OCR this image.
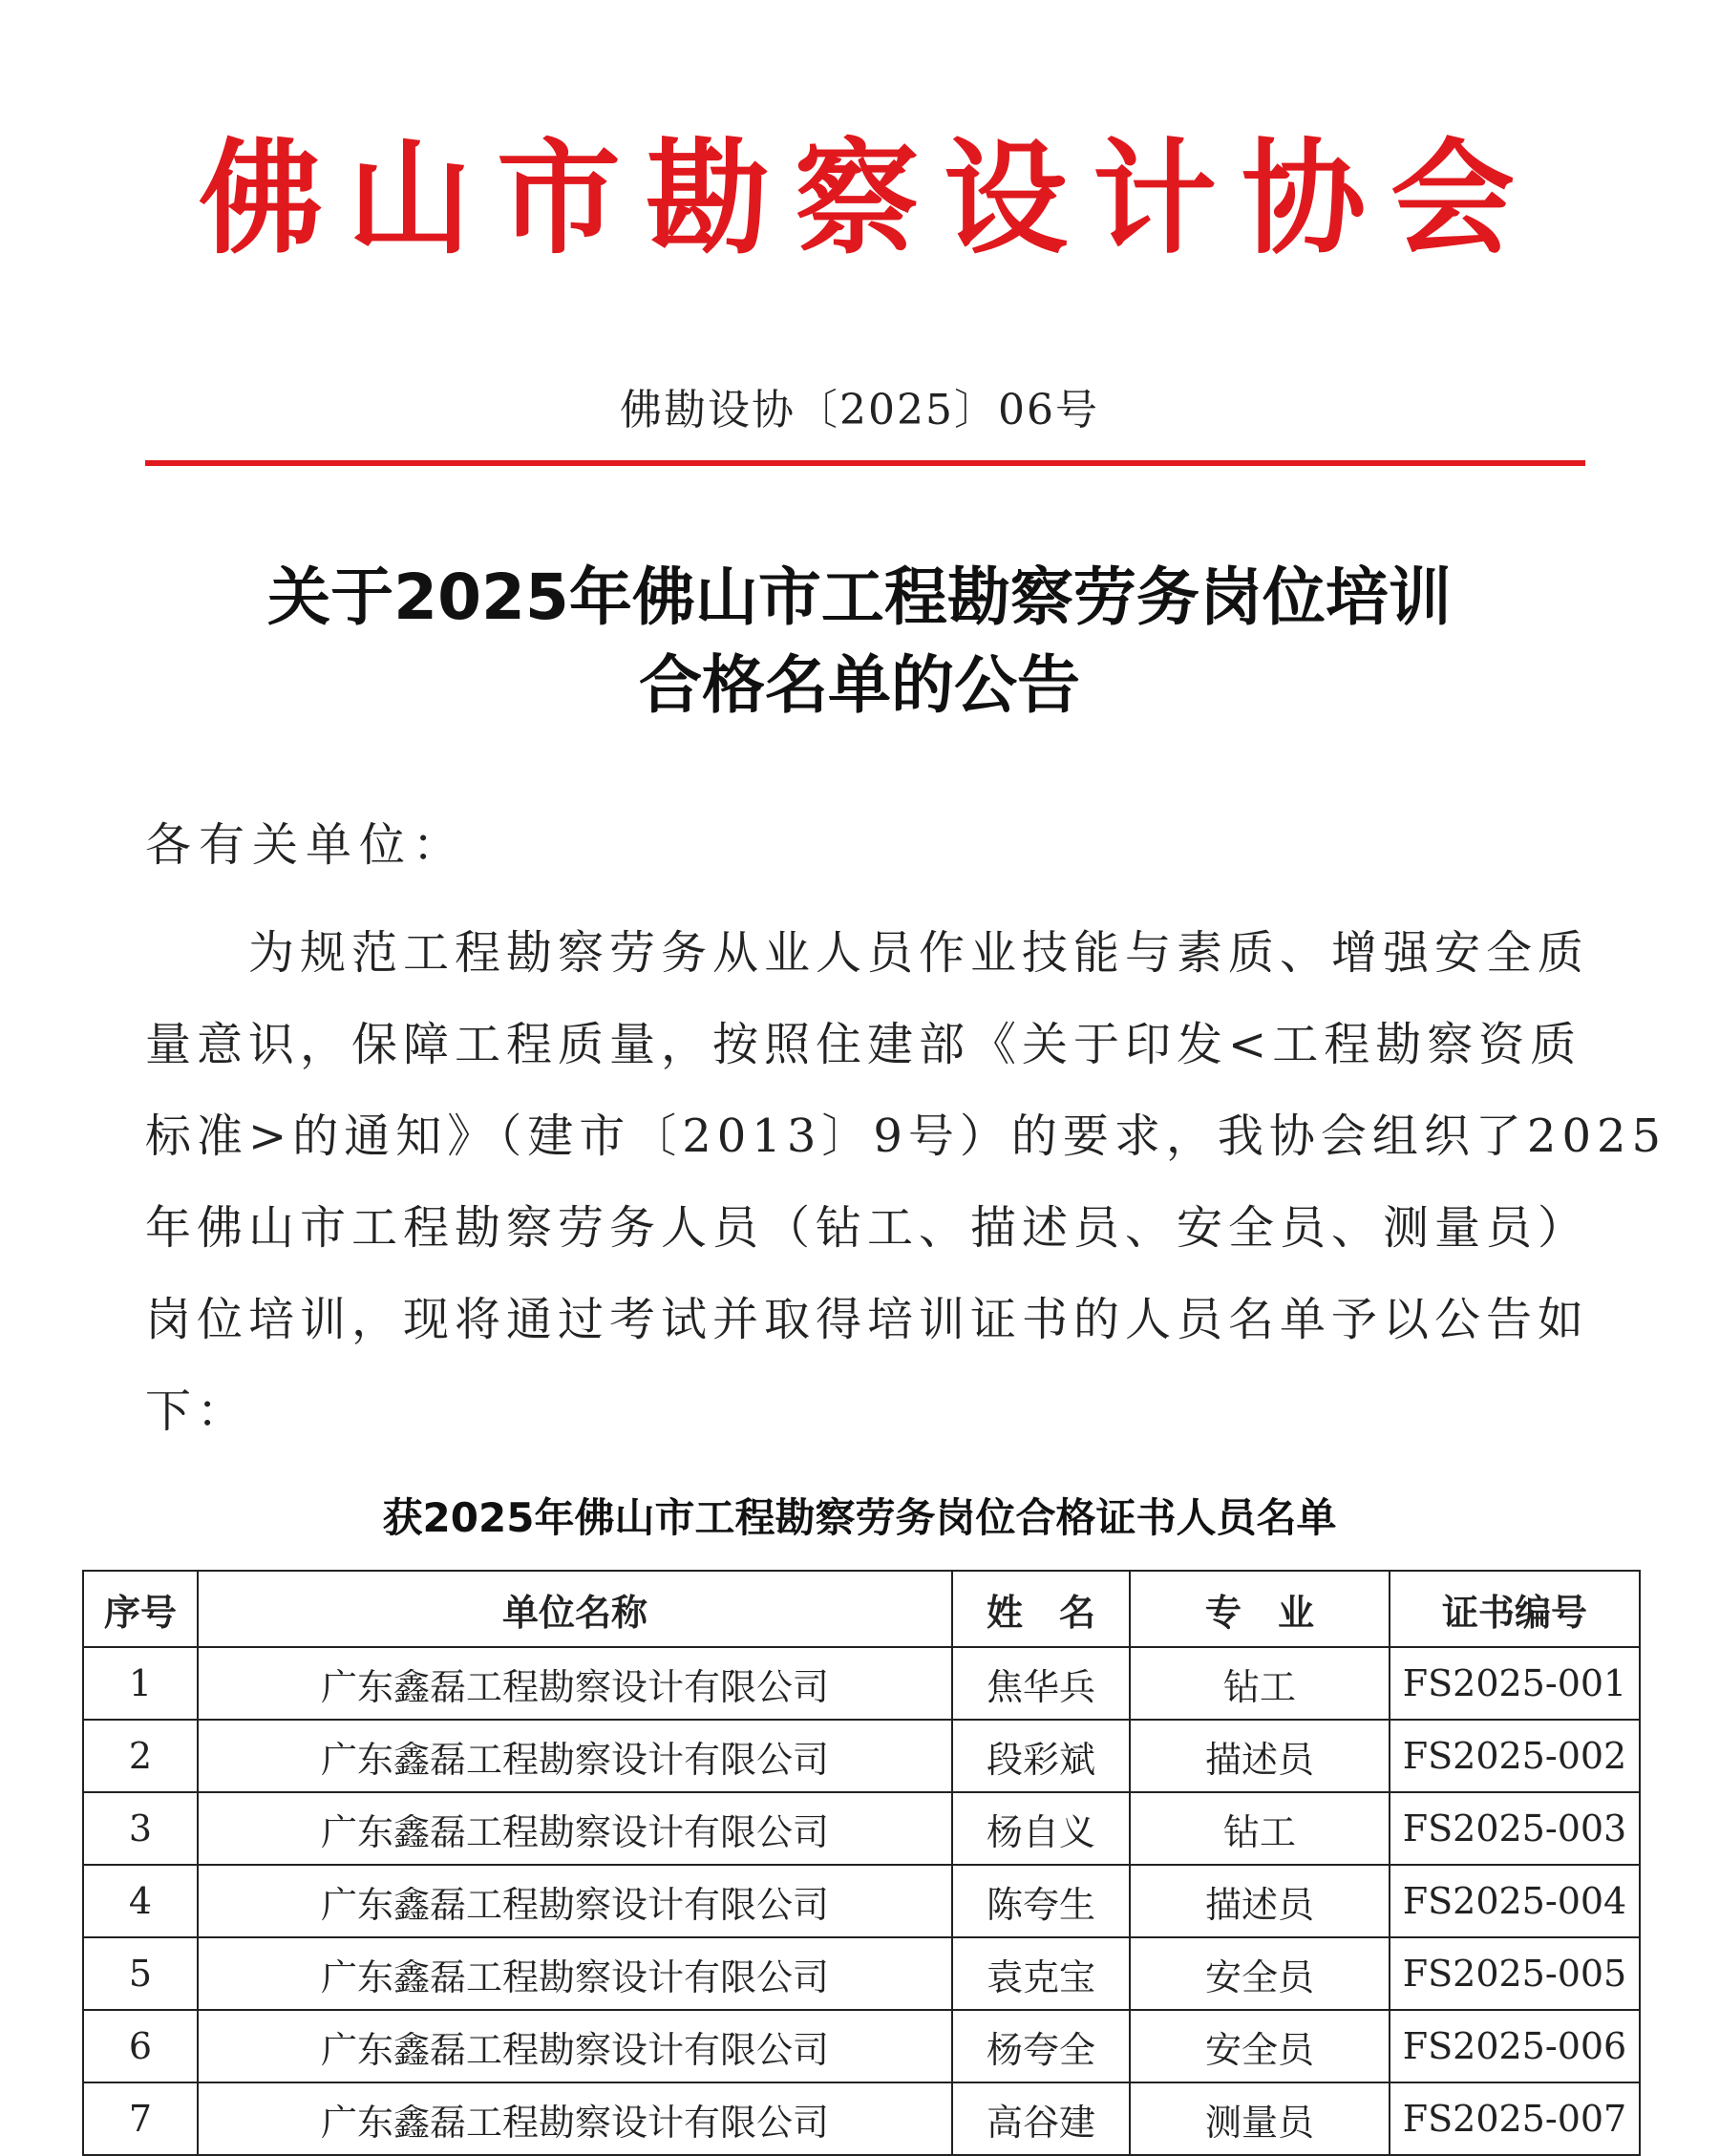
佛山市勘察设计协会
佛勘设协〔2025〕06号
关于2025年佛山市工程勘察劳务岗位培训
合格名单的公告
各有关单位：
　　为规范工程勘察劳务从业人员作业技能与素质、增强安全质
量意识，保障工程质量，按照住建部《关于印发<工程勘察资质
标准>的通知》（建市〔2013〕9号）的要求，我协会组织了2025
年佛山市工程勘察劳务人员（钻工、描述员、安全员、测量员）
岗位培训，现将通过考试并取得培训证书的人员名单予以公告如
下：
获2025年佛山市工程勘察劳务岗位合格证书人员名单
序号	单位名称	姓　名	专　业	证书编号
1	广东鑫磊工程勘察设计有限公司	焦华兵	钻工	FS2025-001
2	广东鑫磊工程勘察设计有限公司	段彩斌	描述员	FS2025-002
3	广东鑫磊工程勘察设计有限公司	杨自义	钻工	FS2025-003
4	广东鑫磊工程勘察设计有限公司	陈夸生	描述员	FS2025-004
5	广东鑫磊工程勘察设计有限公司	袁克宝	安全员	FS2025-005
6	广东鑫磊工程勘察设计有限公司	杨夸全	安全员	FS2025-006
7	广东鑫磊工程勘察设计有限公司	高谷建	测量员	FS2025-007
